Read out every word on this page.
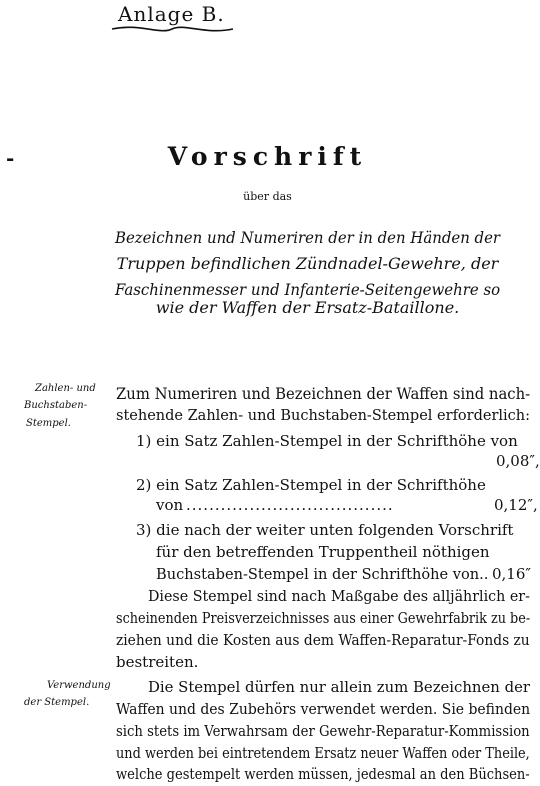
Anlage B.
-	Vorschrift
über das
Bezeichnen und Numeriren der in den Händen der
Truppen befindlichen Zündnadel-Gewehre, der
Faschinenmesser und Infanterie-Seitengewehre so
wie der Waffen der Ersatz-Bataillone.
Zahlen- und
Buchstaben-
Stempel.
Verwendung
der Stempel.
Zum Numeriren und Bezeichnen der Waffen sind nach-
stehende Zahlen- und Buchstaben-Stempel erforderlich:
1) ein Satz Zahlen-Stempel in der Schrifthöhe von
0,08″,
2) ein Satz Zahlen-Stempel in der Schrifthöhe
von ....................................	0,12″,
3) die nach der weiter unten folgenden Vorschrift
für den betreffenden Truppentheil nöthigen
Buchstaben-Stempel in der Schrifthöhe von.. 0,16″
Diese Stempel sind nach Maßgabe des alljährlich er-
scheinenden Preisverzeichnisses aus einer Gewehrfabrik zu be-
ziehen und die Kosten aus dem Waffen-Reparatur-Fonds zu
bestreiten.
Die Stempel dürfen nur allein zum Bezeichnen der
Waffen und des Zubehörs verwendet werden. Sie befinden
sich stets im Verwahrsam der Gewehr-Reparatur-Kommission
und werden bei eintretendem Ersatz neuer Waffen oder Theile,
welche gestempelt werden müssen, jedesmal an den Büchsen-
